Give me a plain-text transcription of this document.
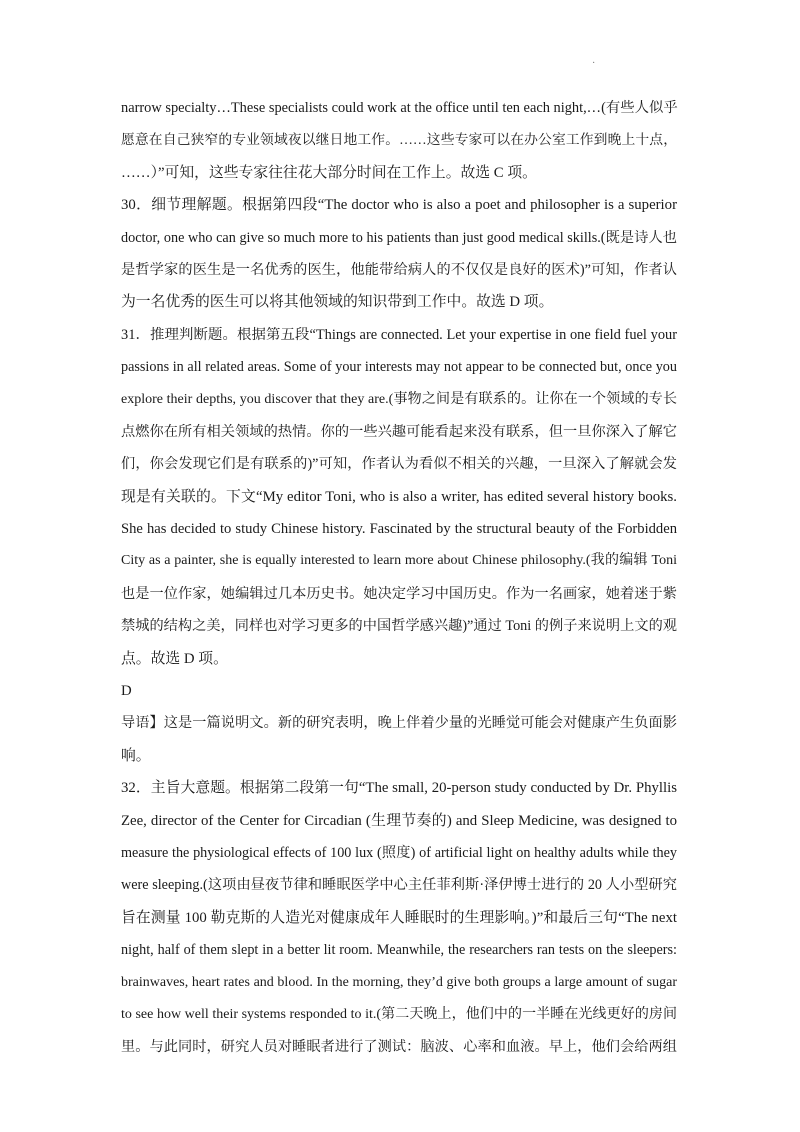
·
narrow specialty…These specialists could work at the office until ten each night,…(有些人似乎
愿意在自己狭窄的专业领域夜以继日地工作。……这些专家可以在办公室工作到晚上十点，
……）”可知，这些专家往往花大部分时间在工作上。故选 C 项。
30．细节理解题。根据第四段“The doctor who is also a poet and philosopher is a superior
doctor, one who can give so much more to his patients than just good medical skills.(既是诗人也
是哲学家的医生是一名优秀的医生，他能带给病人的不仅仅是良好的医术)”可知，作者认
为一名优秀的医生可以将其他领域的知识带到工作中。故选 D 项。
31．推理判断题。根据第五段“Things are connected. Let your expertise in one field fuel your
passions in all related areas. Some of your interests may not appear to be connected but, once you
explore their depths, you discover that they are.(事物之间是有联系的。让你在一个领域的专长
点燃你在所有相关领域的热情。你的一些兴趣可能看起来没有联系，但一旦你深入了解它
们，你会发现它们是有联系的)”可知，作者认为看似不相关的兴趣，一旦深入了解就会发
现是有关联的。下文“My editor Toni, who is also a writer, has edited several history books.
She has decided to study Chinese history. Fascinated by the structural beauty of the Forbidden
City as a painter, she is equally interested to learn more about Chinese philosophy.(我的编辑 Toni
也是一位作家，她编辑过几本历史书。她决定学习中国历史。作为一名画家，她着迷于紫
禁城的结构之美，同样也对学习更多的中国哲学感兴趣)”通过 Toni 的例子来说明上文的观
点。故选 D 项。
D
导语】这是一篇说明文。新的研究表明，晚上伴着少量的光睡觉可能会对健康产生负面影
响。
32．主旨大意题。根据第二段第一句“The small, 20-person study conducted by Dr. Phyllis
Zee, director of the Center for Circadian (生理节奏的) and Sleep Medicine, was designed to
measure the physiological effects of 100 lux (照度) of artificial light on healthy adults while they
were sleeping.(这项由昼夜节律和睡眠医学中心主任菲利斯·泽伊博士进行的 20 人小型研究
旨在测量 100 勒克斯的人造光对健康成年人睡眠时的生理影响。)”和最后三句“The next
night, half of them slept in a better lit room. Meanwhile, the researchers ran tests on the sleepers:
brainwaves, heart rates and blood. In the morning, they’d give both groups a large amount of sugar
to see how well their systems responded to it.(第二天晚上，他们中的一半睡在光线更好的房间
里。与此同时，研究人员对睡眠者进行了测试：脑波、心率和血液。早上，他们会给两组
